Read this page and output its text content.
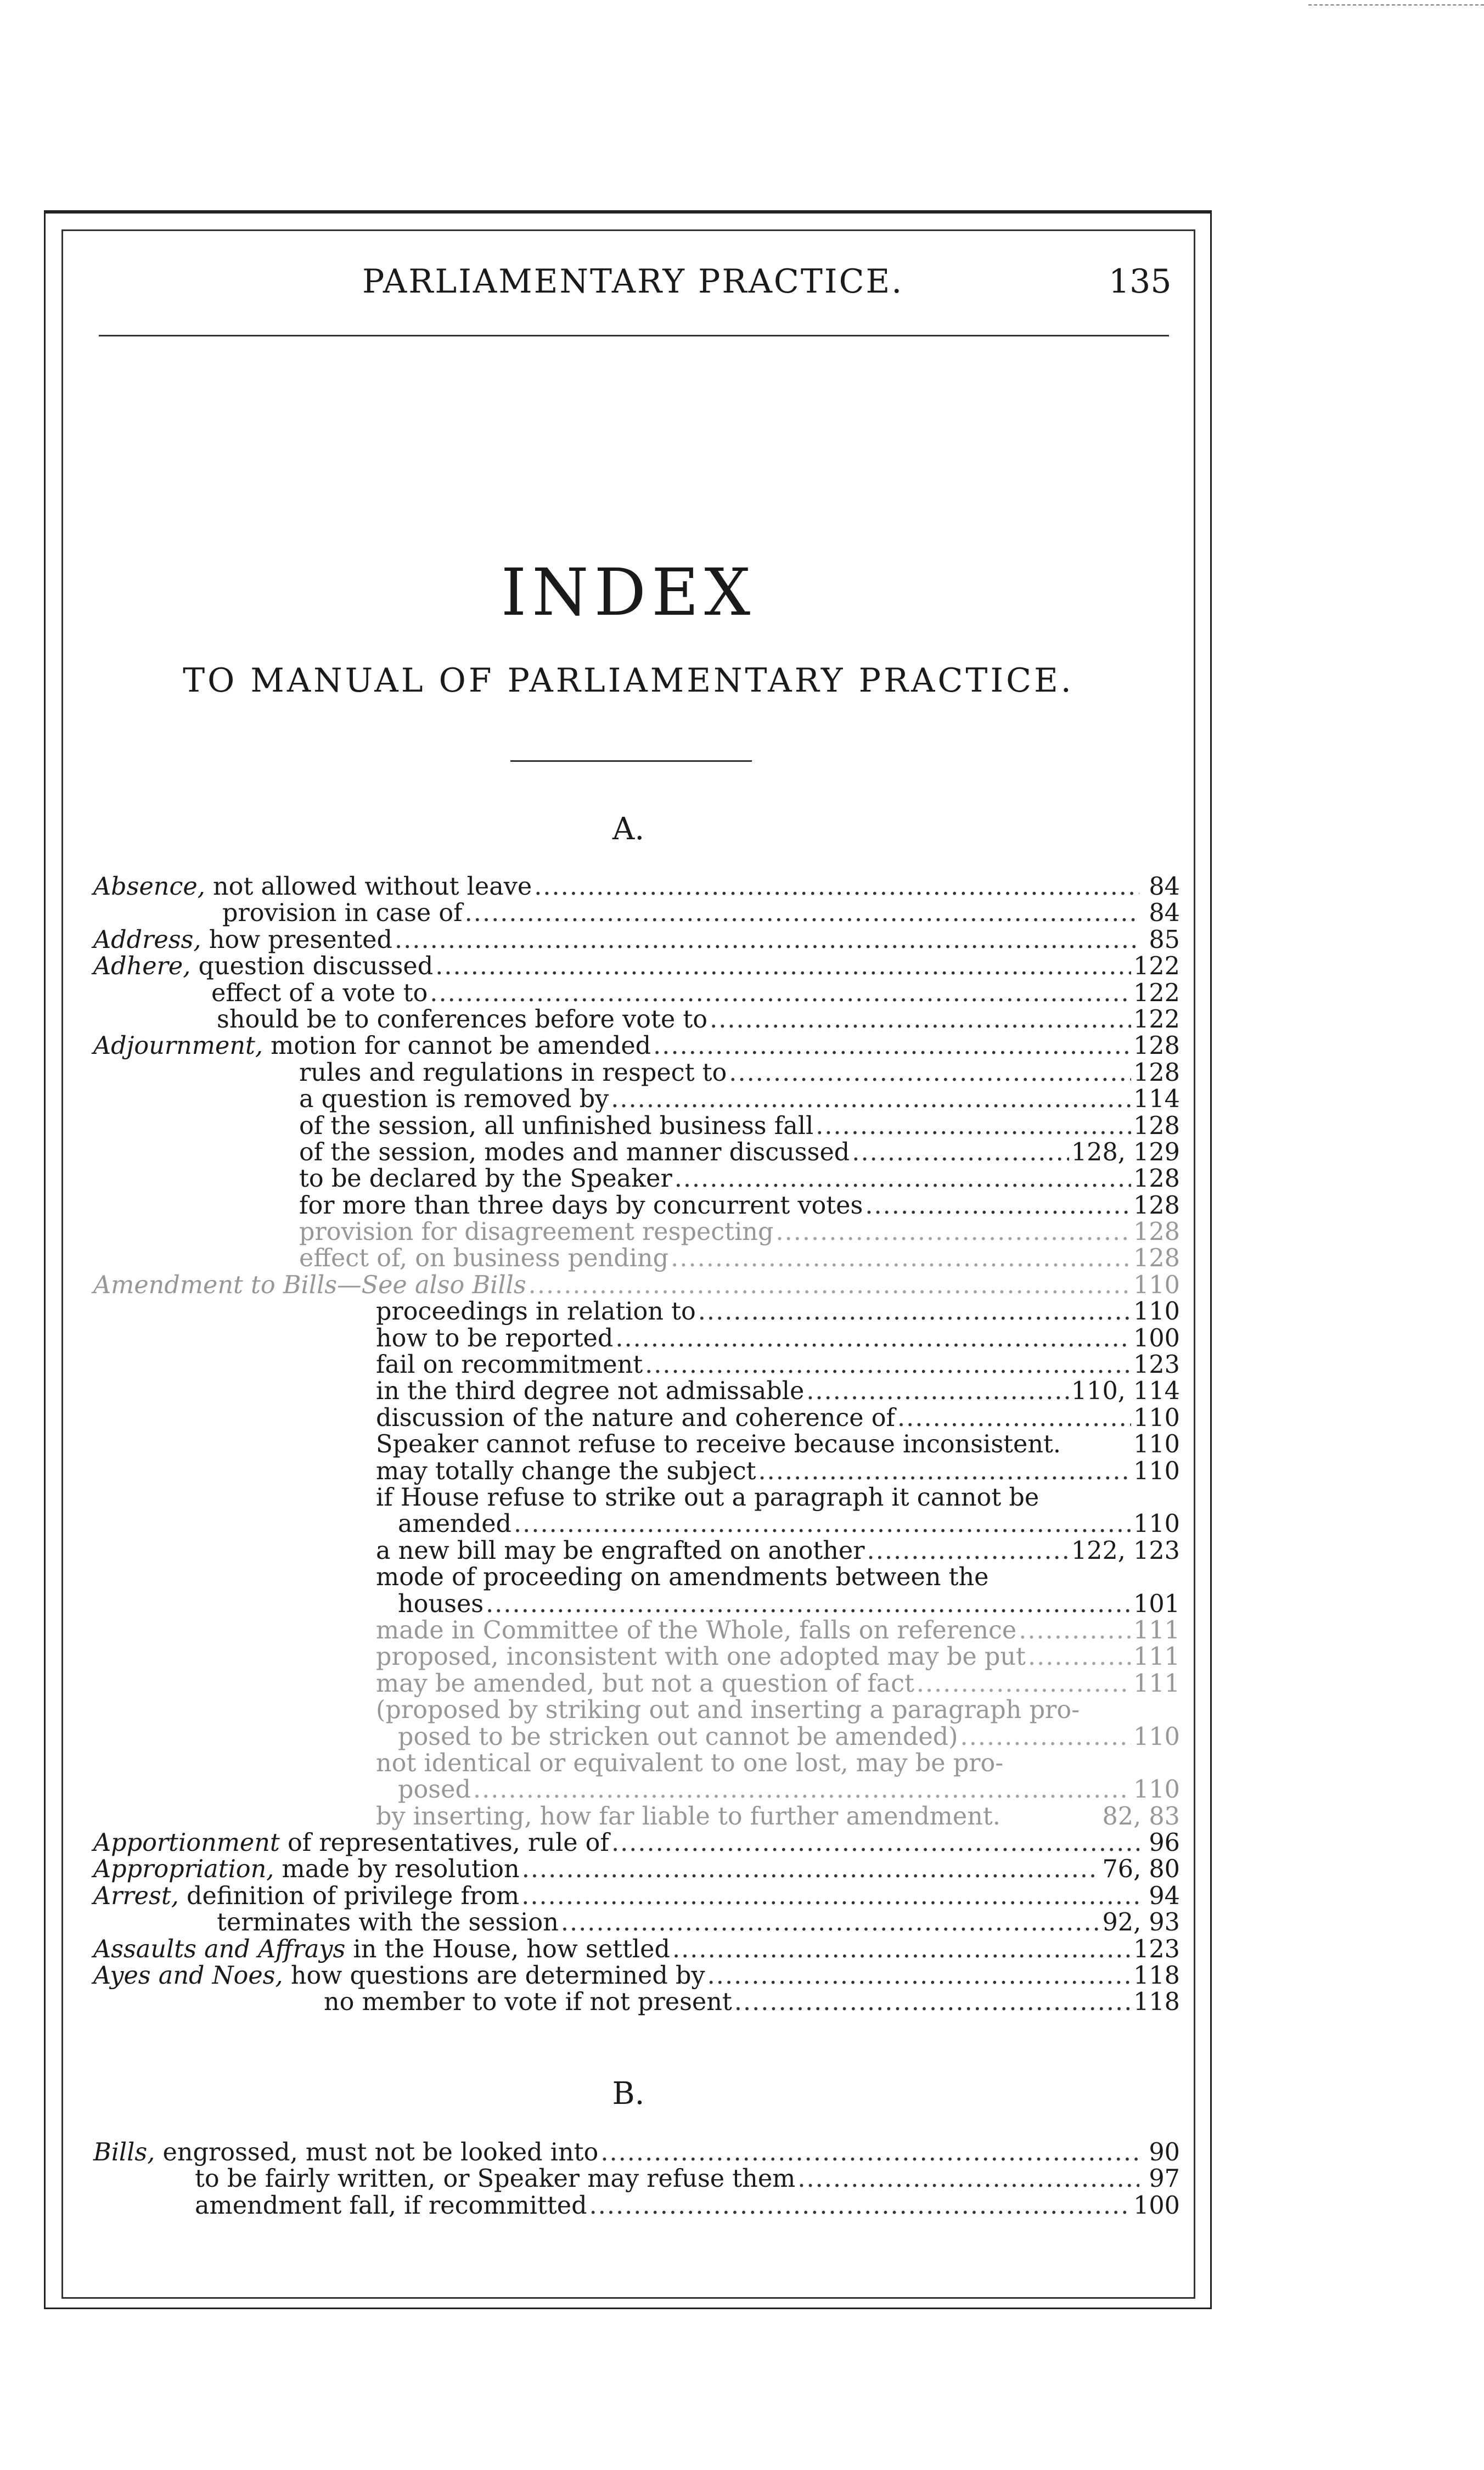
PARLIAMENTARY PRACTICE.	135
INDEX
TO MANUAL OF PARLIAMENTARY PRACTICE.
A.
Absence, not allowed without leave .....	84
provision in case of .....	84
Address, how presented .....	85
Adhere, question discussed .....	122
effect of a vote to .....	122
should be to conferences before vote to .....	122
Adjournment, motion for cannot be amended .....	128
rules and regulations in respect to .....	128
a question is removed by .....	114
of the session, all unfinished business fall .....	128
of the session, modes and manner discussed .....	128, 129
to be declared by the Speaker .....	128
for more than three days by concurrent votes .....	128
provision for disagreement respecting .....	128
effect of, on business pending .....	128
Amendment to Bills—See also Bills .....	110
proceedings in relation to .....	110
how to be reported .....	100
fail on recommitment .....	123
in the third degree not admissable .....	110, 114
discussion of the nature and coherence of .....	110
Speaker cannot refuse to receive because inconsistent.	110
may totally change the subject .....	110
if House refuse to strike out a paragraph it cannot be
amended .....	110
a new bill may be engrafted on another .....	122, 123
mode of proceeding on amendments between the
houses .....	101
made in Committee of the Whole, falls on reference .....	111
proposed, inconsistent with one adopted may be put .....	111
may be amended, but not a question of fact .....	111
(proposed by striking out and inserting a paragraph pro-
posed to be stricken out cannot be amended) .....	110
not identical or equivalent to one lost, may be pro-
posed .....	110
by inserting, how far liable to further amendment.	82, 83
Apportionment of representatives, rule of .....	96
Appropriation, made by resolution .....	76, 80
Arrest, definition of privilege from .....	94
terminates with the session .....	92, 93
Assaults and Affrays in the House, how settled .....	123
Ayes and Noes, how questions are determined by .....	118
no member to vote if not present .....	118
B.
Bills, engrossed, must not be looked into .....	90
to be fairly written, or Speaker may refuse them .....	97
amendment fall, if recommitted .....	100
